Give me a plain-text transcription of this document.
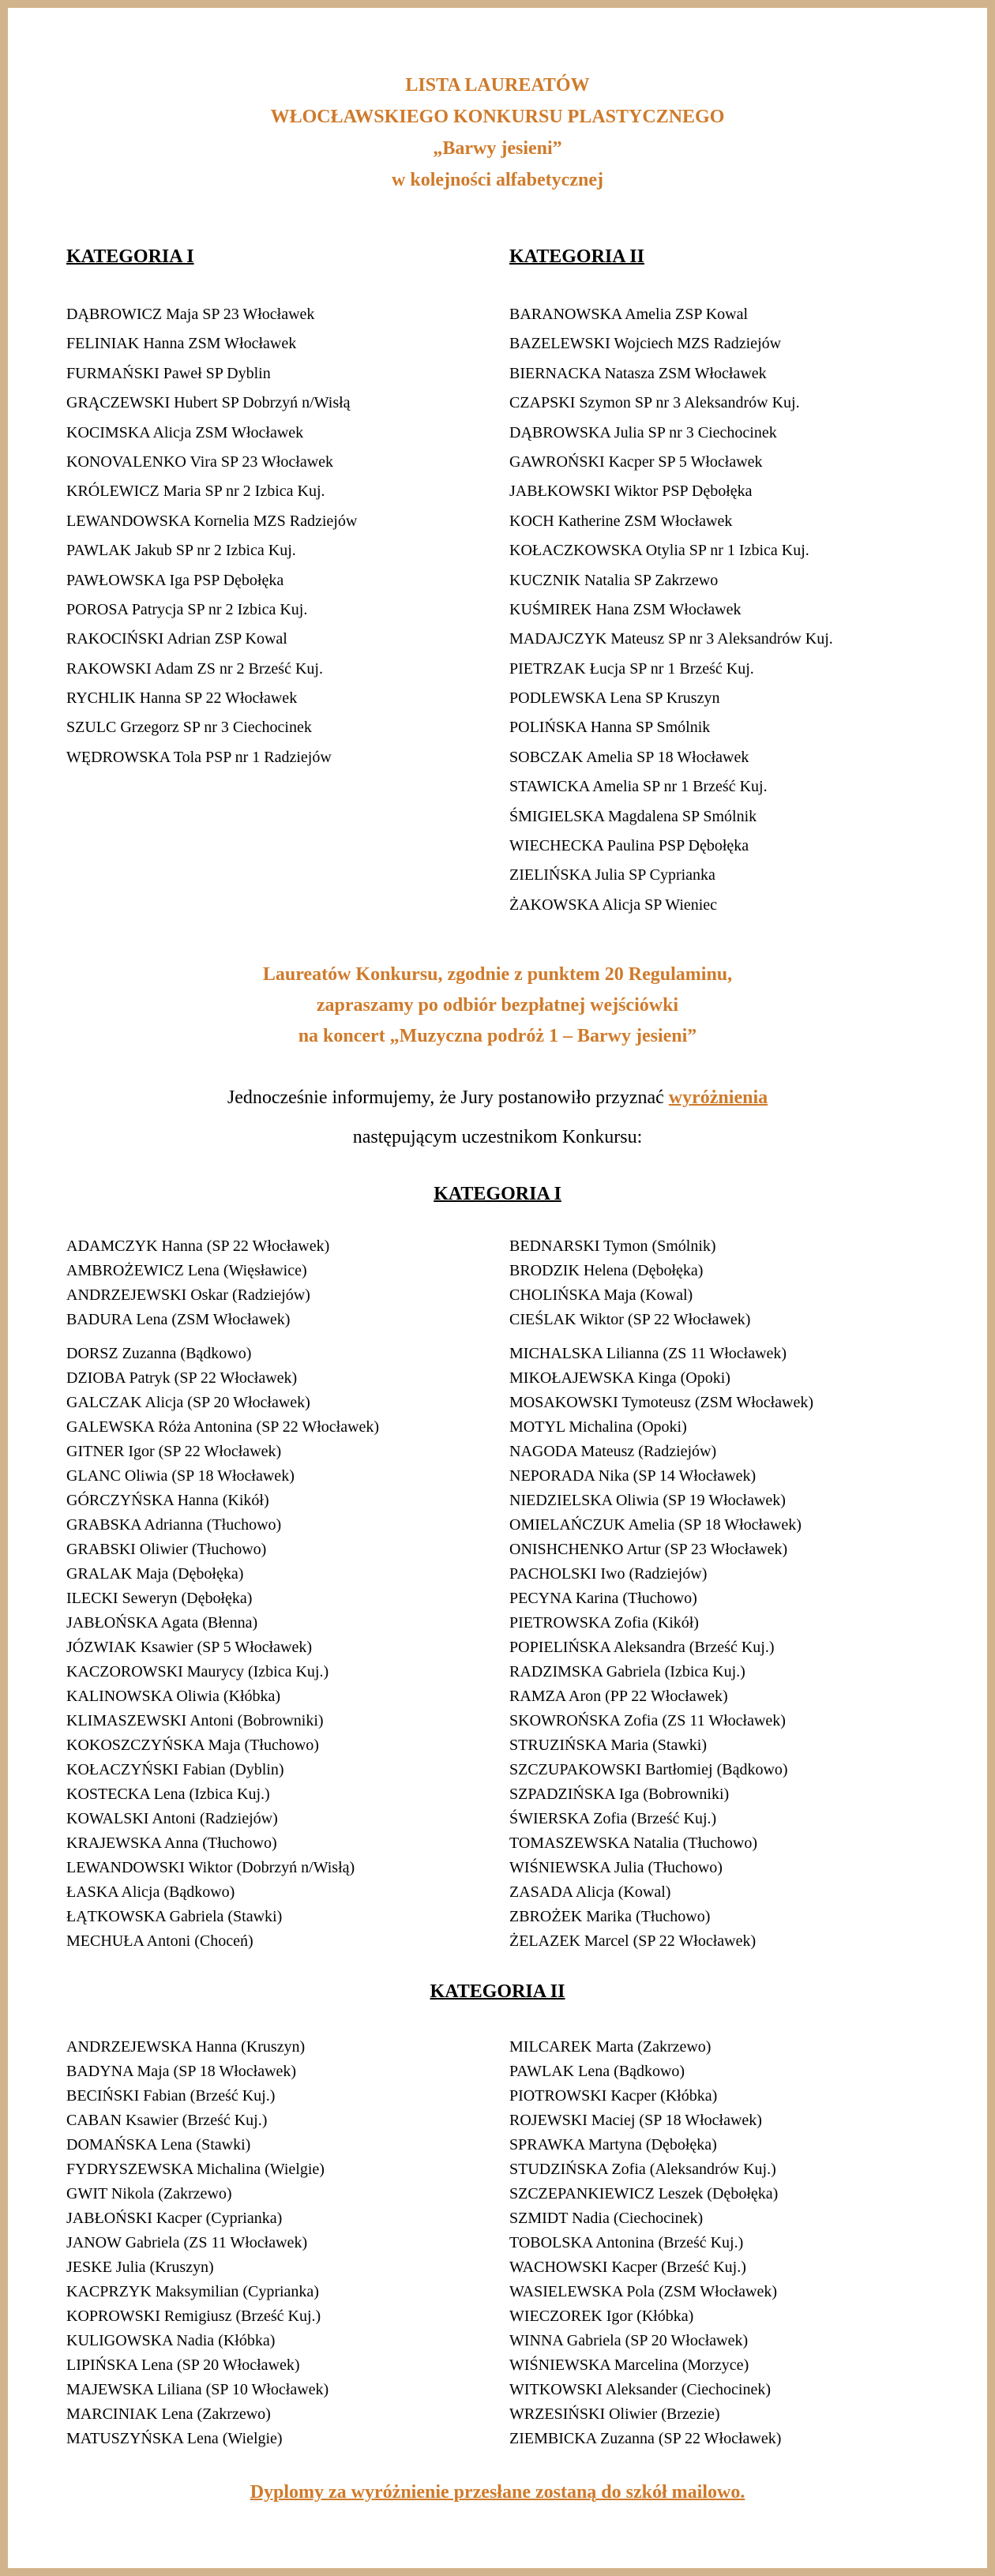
LISTA LAUREATÓW
WŁOCŁAWSKIEGO KONKURSU PLASTYCZNEGO
„Barwy jesieni”
w kolejności alfabetycznej
KATEGORIA I
DĄBROWICZ Maja SP 23 Włocławek
FELINIAK Hanna ZSM Włocławek
FURMAŃSKI Paweł SP Dyblin
GRĄCZEWSKI Hubert SP Dobrzyń n/Wisłą
KOCIMSKA Alicja ZSM Włocławek
KONOVALENKO Vira SP 23 Włocławek
KRÓLEWICZ Maria SP nr 2 Izbica Kuj.
LEWANDOWSKA Kornelia MZS Radziejów
PAWLAK Jakub SP nr 2 Izbica Kuj.
PAWŁOWSKA Iga PSP Dębołęka
POROSA Patrycja SP nr 2 Izbica Kuj.
RAKOCIŃSKI Adrian ZSP Kowal
RAKOWSKI Adam ZS nr 2 Brześć Kuj.
RYCHLIK Hanna SP 22 Włocławek
SZULC Grzegorz SP nr 3 Ciechocinek
WĘDROWSKA Tola PSP nr 1 Radziejów
KATEGORIA II
BARANOWSKA Amelia ZSP Kowal
BAZELEWSKI Wojciech MZS Radziejów
BIERNACKA Natasza ZSM Włocławek
CZAPSKI Szymon SP nr 3 Aleksandrów Kuj.
DĄBROWSKA Julia SP nr 3 Ciechocinek
GAWROŃSKI Kacper SP 5 Włocławek
JABŁKOWSKI Wiktor PSP Dębołęka
KOCH Katherine ZSM Włocławek
KOŁACZKOWSKA Otylia SP nr 1 Izbica Kuj.
KUCZNIK Natalia SP Zakrzewo
KUŚMIREK Hana ZSM Włocławek
MADAJCZYK Mateusz SP nr 3 Aleksandrów Kuj.
PIETRZAK Łucja SP nr 1 Brześć Kuj.
PODLEWSKA Lena SP Kruszyn
POLIŃSKA Hanna SP Smólnik
SOBCZAK Amelia SP 18 Włocławek
STAWICKA Amelia SP nr 1 Brześć Kuj.
ŚMIGIELSKA Magdalena SP Smólnik
WIECHECKA Paulina PSP Dębołęka
ZIELIŃSKA Julia SP Cyprianka
ŻAKOWSKA Alicja SP Wieniec
Laureatów Konkursu, zgodnie z punktem 20 Regulaminu,
zapraszamy po odbiór bezpłatnej wejściówki
na koncert „Muzyczna podróż 1 – Barwy jesieni”
Jednocześnie informujemy, że Jury postanowiło przyznać wyróżnienia
następującym uczestnikom Konkursu:
KATEGORIA I
ADAMCZYK Hanna (SP 22 Włocławek)
AMBROŻEWICZ Lena (Więsławice)
ANDRZEJEWSKI Oskar (Radziejów)
BADURA Lena (ZSM Włocławek)
DORSZ Zuzanna (Bądkowo)
DZIOBA Patryk (SP 22 Włocławek)
GALCZAK Alicja (SP 20 Włocławek)
GALEWSKA Róża Antonina (SP 22 Włocławek)
GITNER Igor (SP 22 Włocławek)
GLANC Oliwia (SP 18 Włocławek)
GÓRCZYŃSKA Hanna (Kikół)
GRABSKA Adrianna (Tłuchowo)
GRABSKI Oliwier (Tłuchowo)
GRALAK Maja (Dębołęka)
ILECKI Seweryn (Dębołęka)
JABŁOŃSKA Agata (Błenna)
JÓZWIAK Ksawier (SP 5 Włocławek)
KACZOROWSKI Maurycy (Izbica Kuj.)
KALINOWSKA Oliwia (Kłóbka)
KLIMASZEWSKI Antoni (Bobrowniki)
KOKOSZCZYŃSKA Maja (Tłuchowo)
KOŁACZYŃSKI Fabian (Dyblin)
KOSTECKA Lena (Izbica Kuj.)
KOWALSKI Antoni (Radziejów)
KRAJEWSKA Anna (Tłuchowo)
LEWANDOWSKI Wiktor (Dobrzyń n/Wisłą)
ŁASKA Alicja (Bądkowo)
ŁĄTKOWSKA Gabriela (Stawki)
MECHUŁA Antoni (Choceń)
BEDNARSKI Tymon (Smólnik)
BRODZIK Helena (Dębołęka)
CHOLIŃSKA Maja (Kowal)
CIEŚLAK Wiktor (SP 22 Włocławek)
MICHALSKA Lilianna (ZS 11 Włocławek)
MIKOŁAJEWSKA Kinga (Opoki)
MOSAKOWSKI Tymoteusz (ZSM Włocławek)
MOTYL Michalina (Opoki)
NAGODA Mateusz (Radziejów)
NEPORADA Nika (SP 14 Włocławek)
NIEDZIELSKA Oliwia (SP 19 Włocławek)
OMIELAŃCZUK Amelia (SP 18 Włocławek)
ONISHCHENKO Artur (SP 23 Włocławek)
PACHOLSKI Iwo (Radziejów)
PECYNA Karina (Tłuchowo)
PIETROWSKA Zofia (Kikół)
POPIELIŃSKA Aleksandra (Brześć Kuj.)
RADZIMSKA Gabriela (Izbica Kuj.)
RAMZA Aron (PP 22 Włocławek)
SKOWROŃSKA Zofia (ZS 11 Włocławek)
STRUZIŃSKA Maria (Stawki)
SZCZUPAKOWSKI Bartłomiej (Bądkowo)
SZPADZIŃSKA Iga (Bobrowniki)
ŚWIERSKA Zofia (Brześć Kuj.)
TOMASZEWSKA Natalia (Tłuchowo)
WIŚNIEWSKA Julia (Tłuchowo)
ZASADA Alicja (Kowal)
ZBROŻEK Marika (Tłuchowo)
ŻELAZEK Marcel (SP 22 Włocławek)
KATEGORIA II
ANDRZEJEWSKA Hanna (Kruszyn)
BADYNA Maja (SP 18 Włocławek)
BECIŃSKI Fabian (Brześć Kuj.)
CABAN Ksawier (Brześć Kuj.)
DOMAŃSKA Lena (Stawki)
FYDRYSZEWSKA Michalina (Wielgie)
GWIT Nikola (Zakrzewo)
JABŁOŃSKI Kacper (Cyprianka)
JANOW Gabriela (ZS 11 Włocławek)
JESKE Julia (Kruszyn)
KACPRZYK Maksymilian (Cyprianka)
KOPROWSKI Remigiusz (Brześć Kuj.)
KULIGOWSKA Nadia (Kłóbka)
LIPIŃSKA Lena (SP 20 Włocławek)
MAJEWSKA Liliana (SP 10 Włocławek)
MARCINIAK Lena (Zakrzewo)
MATUSZYŃSKA Lena (Wielgie)
MILCAREK Marta (Zakrzewo)
PAWLAK Lena (Bądkowo)
PIOTROWSKI Kacper (Kłóbka)
ROJEWSKI Maciej (SP 18 Włocławek)
SPRAWKA Martyna (Dębołęka)
STUDZIŃSKA Zofia (Aleksandrów Kuj.)
SZCZEPANKIEWICZ Leszek (Dębołęka)
SZMIDT Nadia (Ciechocinek)
TOBOLSKA Antonina (Brześć Kuj.)
WACHOWSKI Kacper (Brześć Kuj.)
WASIELEWSKA Pola (ZSM Włocławek)
WIECZOREK Igor (Kłóbka)
WINNA Gabriela (SP 20 Włocławek)
WIŚNIEWSKA Marcelina (Morzyce)
WITKOWSKI Aleksander (Ciechocinek)
WRZESIŃSKI Oliwier (Brzezie)
ZIEMBICKA Zuzanna (SP 22 Włocławek)
Dyplomy za wyróżnienie przesłane zostaną do szkół mailowo.
